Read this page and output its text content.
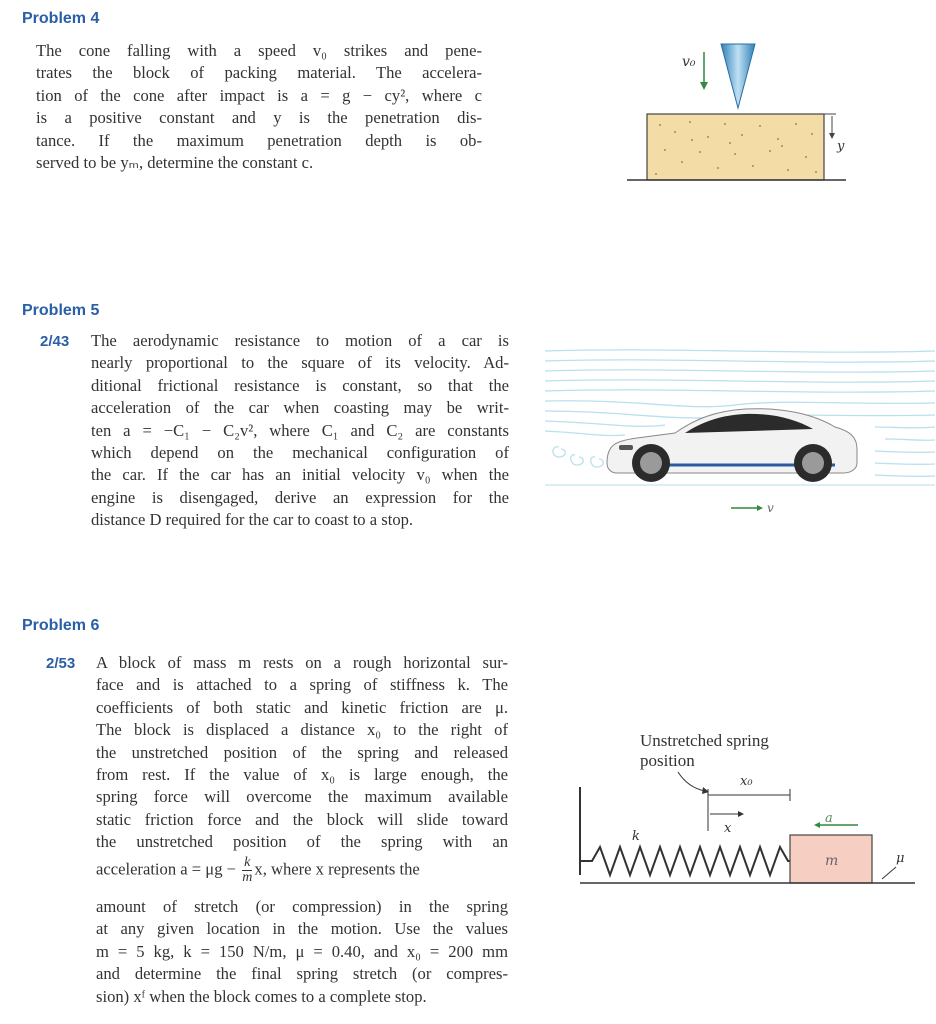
Problem 4

The cone falling with a speed v₀ strikes and pene-
trates the block of packing material. The accelera-
tion of the cone after impact is a = g − cy², where c
is a positive constant and y is the penetration dis-
tance. If the maximum penetration depth is ob-
served to be yₘ, determine the constant c.

v₀
y
Problem 5
2/43 The aerodynamic resistance to motion of a car is
nearly proportional to the square of its velocity. Ad-
ditional frictional resistance is constant, so that the
acceleration of the car when coasting may be writ-
ten a = −C₁ − C₂v², where C₁ and C₂ are constants
which depend on the mechanical configuration of
the car. If the car has an initial velocity v₀ when the
engine is disengaged, derive an expression for the
distance D required for the car to coast to a stop.

v
Problem 6
2/53 A block of mass m rests on a rough horizontal sur-
face and is attached to a spring of stiffness k. The
coefficients of both static and kinetic friction are μ.
The block is displaced a distance x₀ to the right of
the unstretched position of the spring and released
from rest. If the value of x₀ is large enough, the
spring force will overcome the maximum available
static friction force and the block will slide toward
the unstretched position of the spring with an

acceleration $a = \mu g - \frac{k}{m} x$, where x represents the

amount of stretch (or compression) in the spring
at any given location in the motion. Use the values
m = 5 kg, k = 150 N/m, μ = 0.40, and x₀ = 200 mm
and determine the final spring stretch (or compres-
sion) xᶠ when the block comes to a complete stop.

Unstretched spring
position
x₀
x
a
k
m	μ
